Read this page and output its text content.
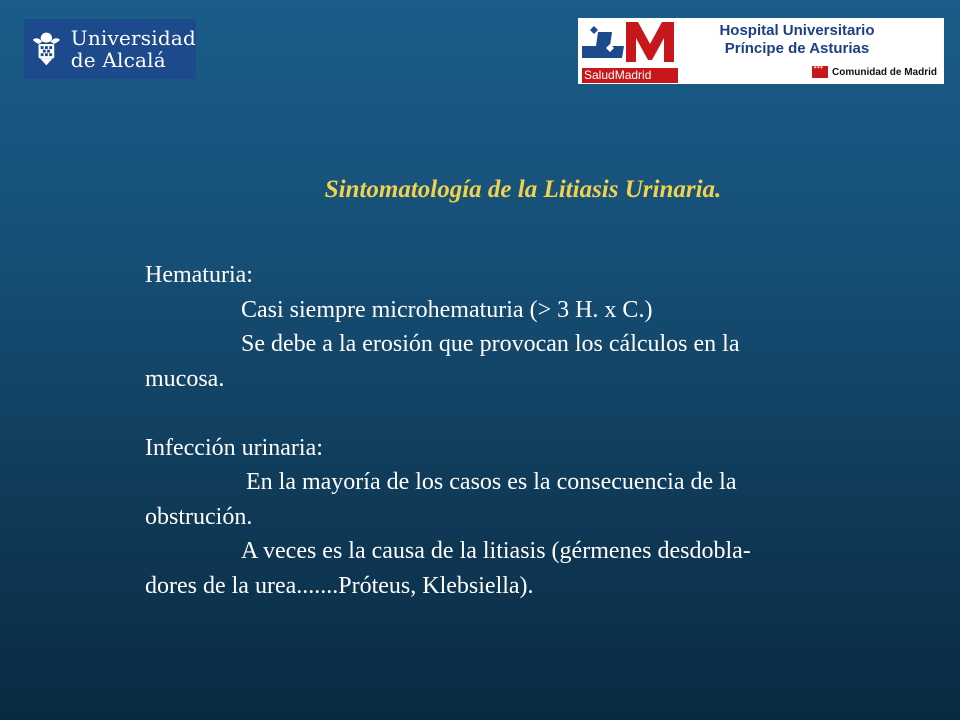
Universidad
de Alcalá
SaludMadrid
Hospital Universitario
Príncipe de Asturias
✶✶✶
Comunidad de Madrid
Sintomatología de la Litiasis Urinaria.

Hematuria:

Casi siempre microhematuria (> 3 H. x C.)

Se debe a la erosión que provocan los cálculos en la

mucosa.

Infección urinaria:

En la mayoría de los casos es la consecuencia de la

obstrución.

A veces es la causa de la litiasis (gérmenes desdobla-

dores de la urea.......Próteus, Klebsiella).
